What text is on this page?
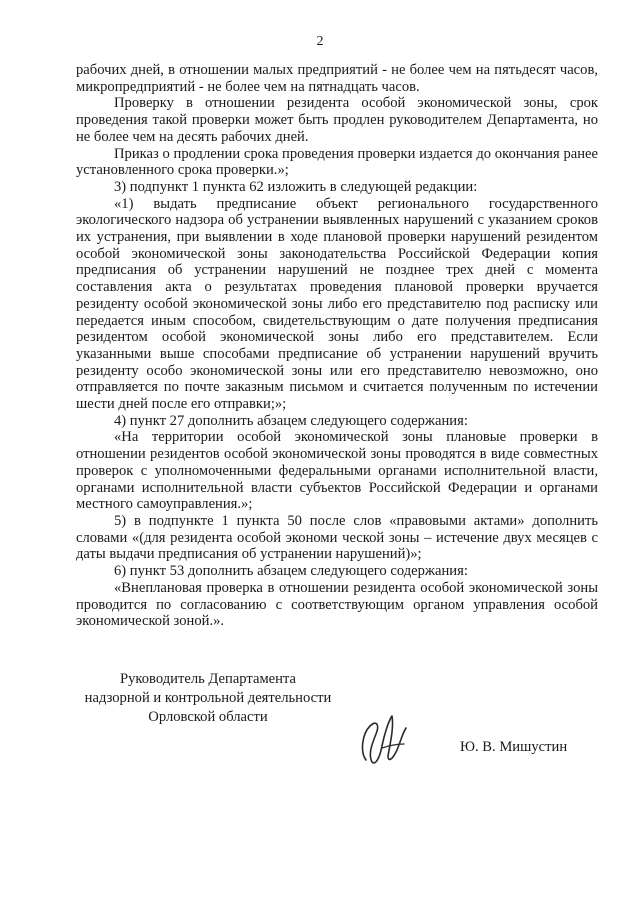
2

рабочих дней, в отношении малых предприятий - не более чем на пятьдесят часов, микропредприятий - не более чем на пятнадцать часов.

Проверку в отношении резидента особой экономической зоны, срок проведения такой проверки может быть продлен руководителем Департамента, но не более чем на десять рабочих дней.

Приказ о продлении срока проведения проверки издается до окончания ранее установленного срока проверки.»;

3) подпункт 1 пункта 62 изложить в следующей редакции:

«1) выдать предписание объект регионального государственного экологического надзора об устранении выявленных нарушений с указанием сроков их устранения, при выявлении в ходе плановой проверки нарушений резидентом особой экономической зоны законодательства Российской Федерации копия предписания об устранении нарушений не позднее трех дней с момента составления акта о результатах проведения плановой проверки вручается резиденту особой экономической зоны либо его представителю под расписку или передается иным способом, свидетельствующим о дате получения предписания резидентом особой экономической зоны либо его представителем. Если указанными выше способами предписание об устранении нарушений вручить резиденту особо экономической зоны или его представителю невозможно, оно отправляется по почте заказным письмом и считается полученным по истечении шести дней после его отправки;»;

4) пункт 27 дополнить абзацем следующего содержания:

«На территории особой экономической зоны плановые проверки в отношении резидентов особой экономической зоны проводятся в виде совместных проверок с уполномоченными федеральными органами исполнительной власти, органами исполнительной власти субъектов Российской Федерации и органами местного самоуправления.»;

5) в подпункте 1 пункта 50 после слов «правовыми актами» дополнить словами «(для резидента особой экономи ческой зоны – истечение двух месяцев с даты выдачи предписания об устранении нарушений)»;

6) пункт 53 дополнить абзацем следующего содержания:

«Внеплановая проверка в отношении резидента особой экономической зоны проводится по согласованию с соответствующим органом управления особой экономической зоной.».

Руководитель Департамента
надзорной и контрольной деятельности
Орловской области
Ю. В. Мишустин
